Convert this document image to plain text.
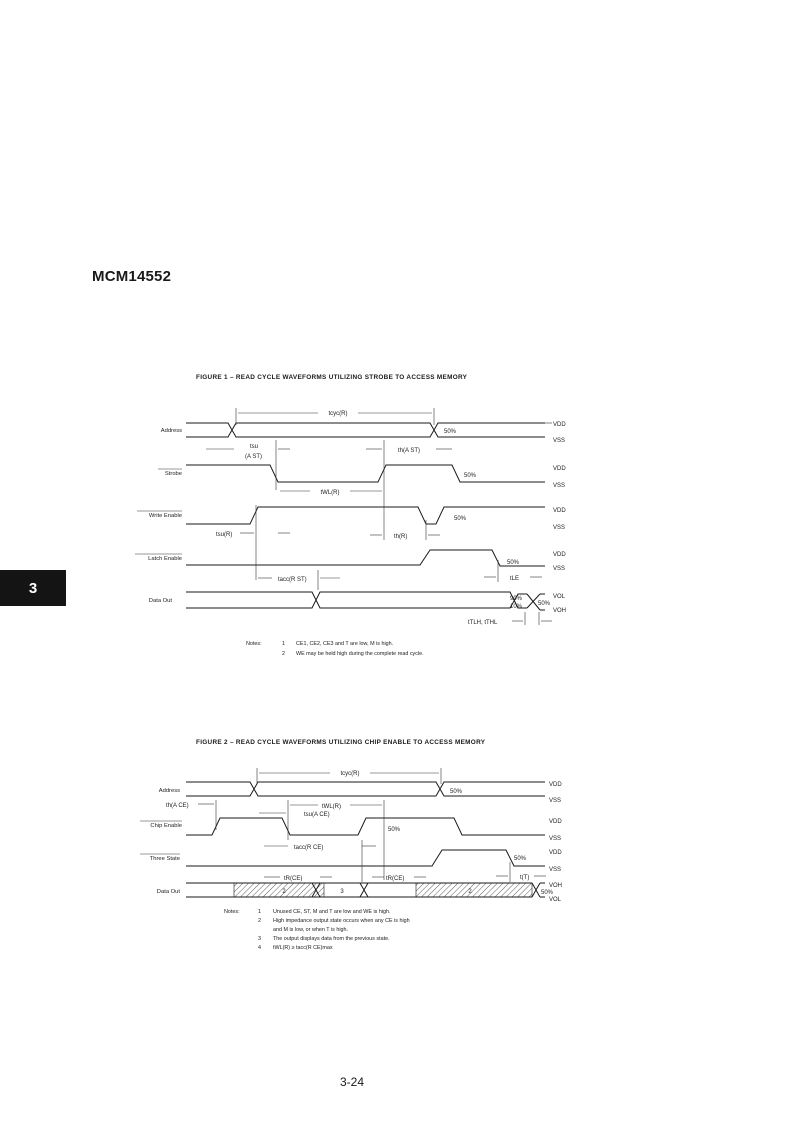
MCM14552
3
FIGURE 1 – READ CYCLE WAVEFORMS UTILIZING STROBE TO ACCESS MEMORY
FIGURE 2 – READ CYCLE WAVEFORMS UTILIZING CHIP ENABLE TO ACCESS MEMORY
3-24
Address
Strobe
Write Enable
Latch Enable
Data Out
VDD
VSS
VDD
VSS
VDD
VSS
VDD
VSS
VOL
VOH
tcyc(R)
50%
tsu
(A ST)
th(A ST)
50%
tWL(R)
tsu(R)	th(R)
50%
tacc(R ST)
50%
tLE
90%
10%	50%
tTLH, tTHL
Notes:	1 CE1, CE2, CE3 and T are low, M is high.
2 WE may be held high during the complete read cycle.
Address
Chip Enable
Three State
Data Out	2	3	2
VDD
VSS
VDD
VSS
VDD
VSS
VOH
VOL
tcyc(R)
50%
th(A CE)	tWL(R)
tsu(A CE)
50%
tacc(R CE)
tR(CE)	tR(CE)
50%
t(T)
50%
Notes:	1 Unused CE, ST, M and T are low and WE is high.
2 High impedance output state occurs when any CE is high
and M is low, or when T is high.
3 The output displays data from the previous state.
4 tWL(R) ≥ tacc(R CE)max
